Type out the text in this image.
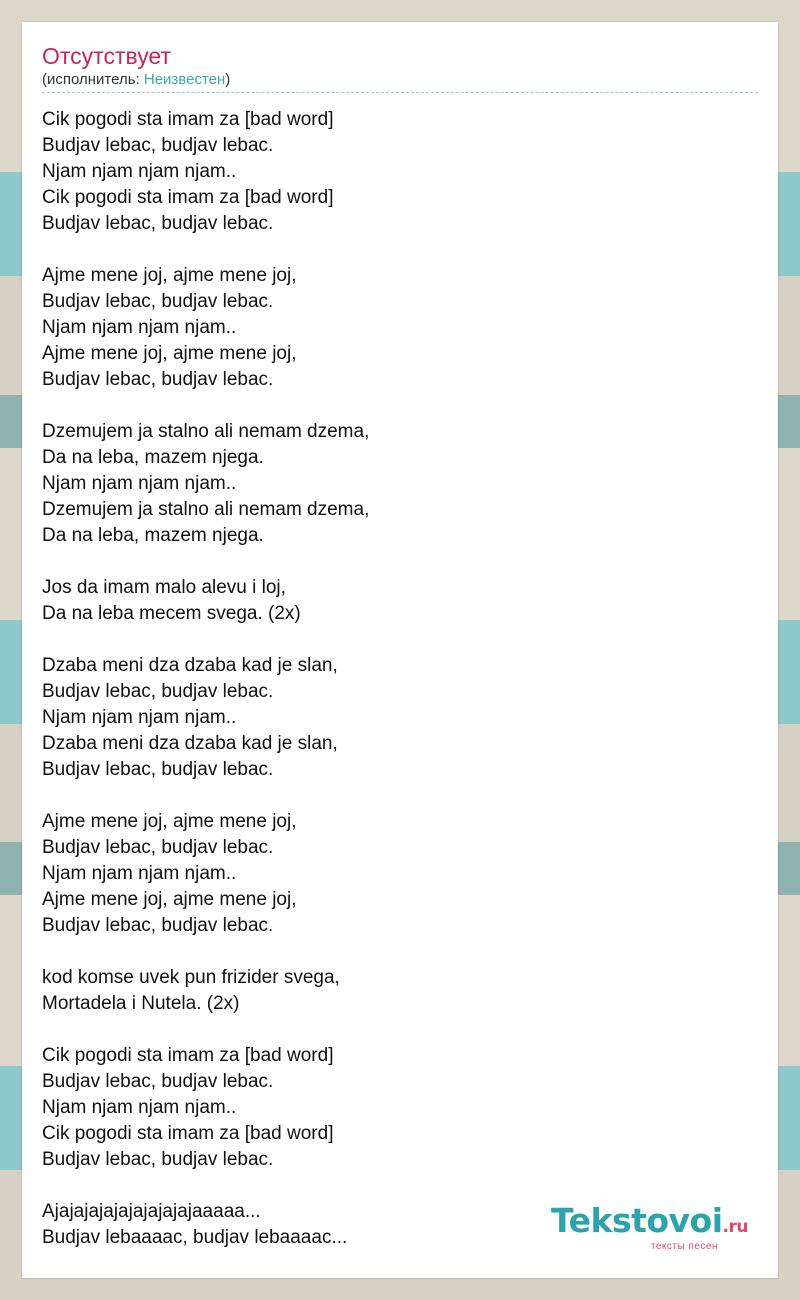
Отсутствует
(исполнитель: Неизвестен)
Cik pogodi sta imam za [bad word]
Budjav lebac, budjav lebac.
Njam njam njam njam..
Cik pogodi sta imam za [bad word]
Budjav lebac, budjav lebac.
Ajme mene joj, ajme mene joj,
Budjav lebac, budjav lebac.
Njam njam njam njam..
Ajme mene joj, ajme mene joj,
Budjav lebac, budjav lebac.
Dzemujem ja stalno ali nemam dzema,
Da na leba, mazem njega.
Njam njam njam njam..
Dzemujem ja stalno ali nemam dzema,
Da na leba, mazem njega.
Jos da imam malo alevu i loj,
Da na leba mecem svega. (2x)
Dzaba meni dza dzaba kad je slan,
Budjav lebac, budjav lebac.
Njam njam njam njam..
Dzaba meni dza dzaba kad je slan,
Budjav lebac, budjav lebac.
Ajme mene joj, ajme mene joj,
Budjav lebac, budjav lebac.
Njam njam njam njam..
Ajme mene joj, ajme mene joj,
Budjav lebac, budjav lebac.
kod komse uvek pun frizider svega,
Mortadela i Nutela. (2x)
Cik pogodi sta imam za [bad word]
Budjav lebac, budjav lebac.
Njam njam njam njam..
Cik pogodi sta imam za [bad word]
Budjav lebac, budjav lebac.
Ajajajajajajajajajajaaaaa...
Budjav lebaaaac, budjav lebaaaac...	Tekstovoi.ru
тексты песен
